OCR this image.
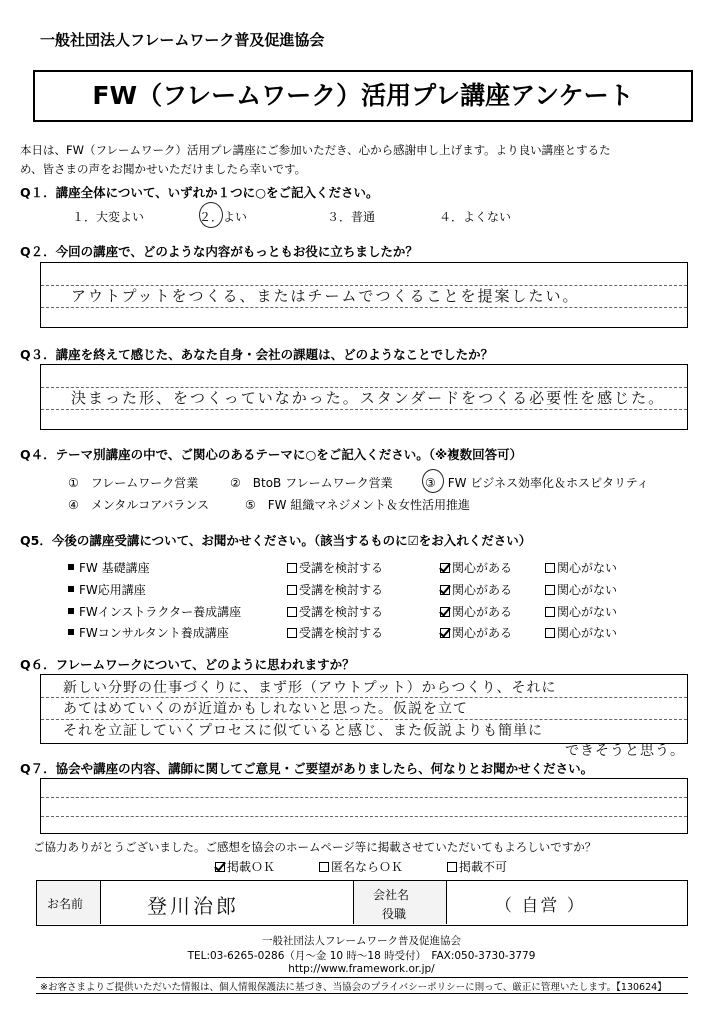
一般社団法人フレームワーク普及促進協会
FW（フレームワーク）活用プレ講座アンケート
本日は、FW（フレームワーク）活用プレ講座にご参加いただき、心から感謝申し上げます。より良い講座とするた
め、皆さまの声をお聞かせいただけましたら幸いです。
Q１．講座全体について、いずれか１つに○をご記入ください。
１．大変よい	２．よい	３．普通	４．よくない
Q２．今回の講座で、どのような内容がもっともお役に立ちましたか？
アウトプットをつくる、またはチームでつくることを提案したい。
Q３．講座を終えて感じた、あなた自身・会社の課題は、どのようなことでしたか？
決まった形、をつくっていなかった。スタンダードをつくる必要性を感じた。
Q４．テーマ別講座の中で、ご関心のあるテーマに○をご記入ください。（※複数回答可）
①　フレームワーク営業	②　BtoB フレームワーク営業	③　FW ビジネス効率化＆ホスピタリティ
④　メンタルコアバランス	⑤　FW 組織マネジメント＆女性活用推進
Q5．今後の講座受講について、お聞かせください。（該当するものに☑をお入れください）
FW 基礎講座	受講を検討する	関心がある	関心がない
FW応用講座	受講を検討する	関心がある	関心がない
FWインストラクター養成講座	受講を検討する	関心がある	関心がない
FWコンサルタント養成講座	受講を検討する	関心がある	関心がない
Q６．フレームワークについて、どのように思われますか？
新しい分野の仕事づくりに、まず形（アウトプット）からつくり、それに
あてはめていくのが近道かもしれないと思った。仮説を立て
それを立証していくプロセスに似ていると感じ、また仮説よりも簡単に
できそうと思う。
Q７．協会や講座の内容、講師に関してご意見・ご要望がありましたら、何なりとお聞かせください。
ご協力ありがとうございました。ご感想を協会のホームページ等に掲載させていただいてもよろしいですか？
掲載ＯＫ	匿名ならＯＫ	掲載不可
お名前	登川治郎	会社名
役職	（ 自営 ）
一般社団法人フレームワーク普及促進協会
TEL:03-6265-0286（月～金 10 時～18 時受付）　FAX:050-3730-3779
http://www.framework.or.jp/
※お客さまよりご提供いただいた情報は、個人情報保護法に基づき、当協会のプライバシーポリシーに則って、厳正に管理いたします。【130624】
